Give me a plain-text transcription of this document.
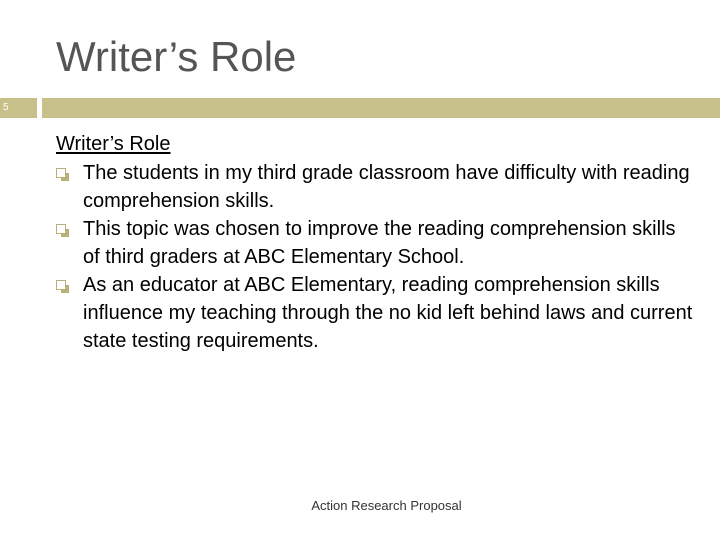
Writer’s Role
5

Writer’s Role

The students in my third grade classroom have difficulty with reading comprehension skills.
This topic was chosen to improve the reading comprehension skills of third graders at ABC Elementary School.
As an educator at ABC Elementary, reading comprehension skills influence my teaching through the no kid left behind laws and current state testing requirements.
Action Research Proposal
